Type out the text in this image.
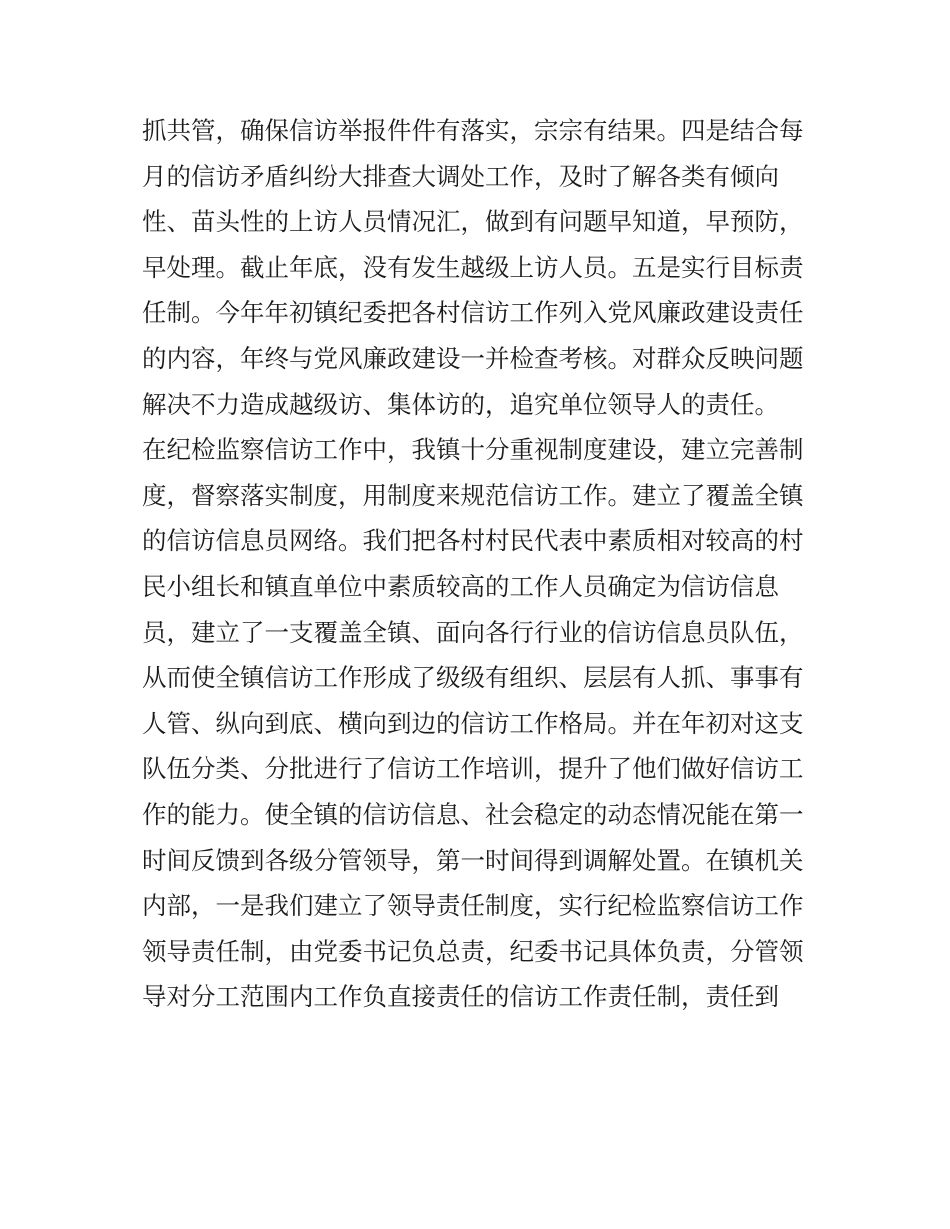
抓共管，确保信访举报件件有落实，宗宗有结果。四是结合每
月的信访矛盾纠纷大排查大调处工作，及时了解各类有倾向
性、苗头性的上访人员情况汇，做到有问题早知道，早预防，
早处理。截止年底，没有发生越级上访人员。五是实行目标责
任制。今年年初镇纪委把各村信访工作列入党风廉政建设责任
的内容，年终与党风廉政建设一并检查考核。对群众反映问题
解决不力造成越级访、集体访的，追究单位领导人的责任。
在纪检监察信访工作中，我镇十分重视制度建设，建立完善制
度，督察落实制度，用制度来规范信访工作。建立了覆盖全镇
的信访信息员网络。我们把各村村民代表中素质相对较高的村
民小组长和镇直单位中素质较高的工作人员确定为信访信息
员，建立了一支覆盖全镇、面向各行行业的信访信息员队伍，
从而使全镇信访工作形成了级级有组织、层层有人抓、事事有
人管、纵向到底、横向到边的信访工作格局。并在年初对这支
队伍分类、分批进行了信访工作培训，提升了他们做好信访工
作的能力。使全镇的信访信息、社会稳定的动态情况能在第一
时间反馈到各级分管领导，第一时间得到调解处置。在镇机关
内部，一是我们建立了领导责任制度，实行纪检监察信访工作
领导责任制，由党委书记负总责，纪委书记具体负责，分管领
导对分工范围内工作负直接责任的信访工作责任制，责任到
